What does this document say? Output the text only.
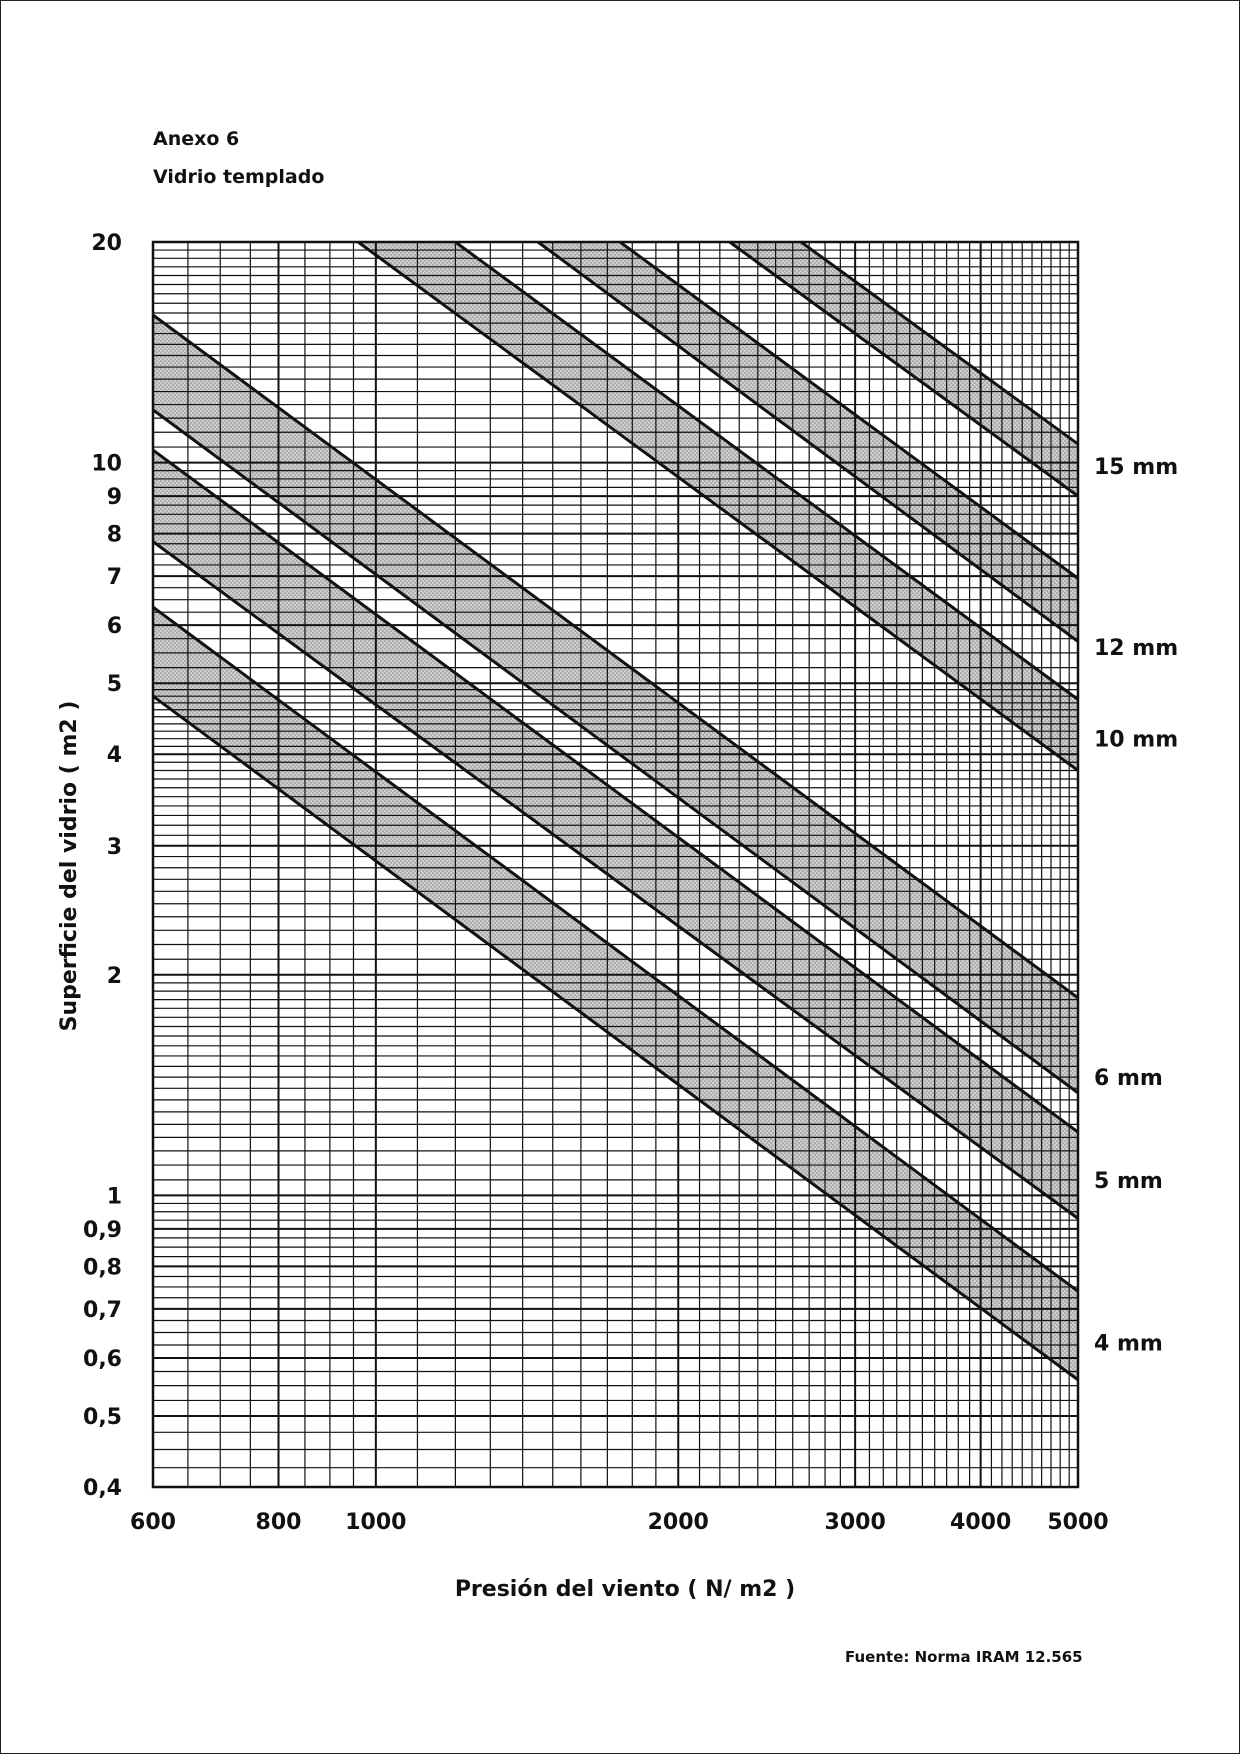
Anexo 6
Vidrio templado
20
10
9
8
7
6
5
4
3
2
1
0,9
0,8
0,7
0,6
0,5
0,4
600	800 1000	2000	3000	4000 5000
4 mm
5 mm
6 mm
10 mm
12 mm
15 mm
Presión del viento ( N/ m2 )
Superficie del vidrio ( m2 )
Fuente: Norma IRAM 12.565
